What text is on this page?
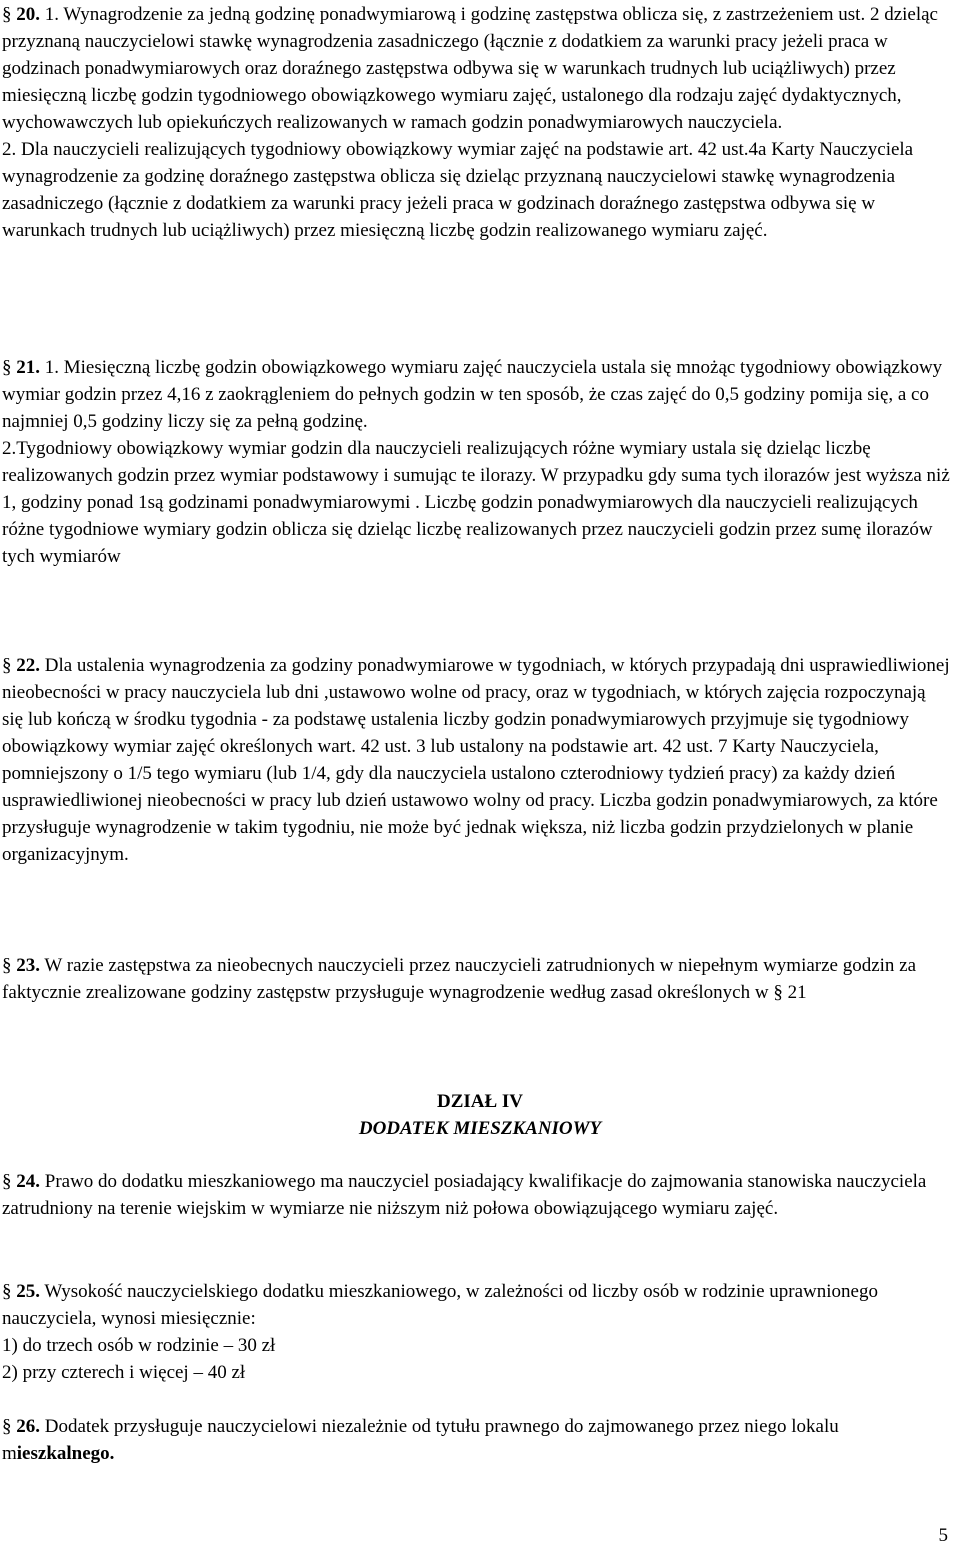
§ 20. 1. Wynagrodzenie za jedną godzinę ponadwymiarową i godzinę zastępstwa oblicza się, z zastrzeżeniem ust. 2 dzieląc przyznaną nauczycielowi stawkę wynagrodzenia zasadniczego (łącznie z dodatkiem za warunki pracy jeżeli praca w godzinach ponadwymiarowych oraz doraźnego zastępstwa odbywa się w warunkach trudnych lub uciążliwych) przez miesięczną liczbę godzin tygodniowego obowiązkowego wymiaru zajęć, ustalonego dla rodzaju zajęć dydaktycznych, wychowawczych lub opiekuńczych realizowanych w ramach godzin ponadwymiarowych nauczyciela.

2. Dla nauczycieli realizujących tygodniowy obowiązkowy wymiar zajęć na podstawie art. 42 ust.4a Karty Nauczyciela wynagrodzenie za godzinę doraźnego zastępstwa oblicza się dzieląc przyznaną nauczycielowi stawkę wynagrodzenia zasadniczego (łącznie z dodatkiem za warunki pracy jeżeli praca w godzinach doraźnego zastępstwa odbywa się w warunkach trudnych lub uciążliwych) przez miesięczną liczbę godzin realizowanego wymiaru zajęć.

§ 21. 1. Miesięczną liczbę godzin obowiązkowego wymiaru zajęć nauczyciela ustala się mnożąc tygodniowy obowiązkowy wymiar godzin przez 4,16 z zaokrągleniem do pełnych godzin w ten sposób, że czas zajęć do 0,5 godziny pomija się, a co najmniej 0,5 godziny liczy się za pełną godzinę.

2.Tygodniowy obowiązkowy wymiar godzin dla nauczycieli realizujących różne wymiary ustala się dzieląc liczbę realizowanych godzin przez wymiar podstawowy i sumując te ilorazy. W przypadku gdy suma tych ilorazów jest wyższa niż 1, godziny ponad 1są godzinami ponadwymiarowymi . Liczbę godzin ponadwymiarowych dla nauczycieli realizujących różne tygodniowe wymiary godzin oblicza się dzieląc liczbę realizowanych przez nauczycieli godzin przez sumę ilorazów tych wymiarów

§ 22. Dla ustalenia wynagrodzenia za godziny ponadwymiarowe w tygodniach, w których przypadają dni usprawiedliwionej nieobecności w pracy nauczyciela lub dni ,ustawowo wolne od pracy, oraz w tygodniach, w których zajęcia rozpoczynają się lub kończą w środku tygodnia - za podstawę ustalenia liczby godzin ponadwymiarowych przyjmuje się tygodniowy obowiązkowy wymiar zajęć określonych wart. 42 ust. 3 lub ustalony na podstawie art. 42 ust. 7 Karty Nauczyciela, pomniejszony o 1/5 tego wymiaru (lub 1/4, gdy dla nauczyciela ustalono czterodniowy tydzień pracy) za każdy dzień usprawiedliwionej nieobecności w pracy lub dzień ustawowo wolny od pracy. Liczba godzin ponadwymiarowych, za które przysługuje wynagrodzenie w takim tygodniu, nie może być jednak większa, niż liczba godzin przydzielonych w planie organizacyjnym.

§ 23. W razie zastępstwa za nieobecnych nauczycieli przez nauczycieli zatrudnionych w niepełnym wymiarze godzin za faktycznie zrealizowane godziny zastępstw przysługuje wynagrodzenie według zasad określonych w § 21

DZIAŁ IV
DODATEK MIESZKANIOWY

§ 24. Prawo do dodatku mieszkaniowego ma nauczyciel posiadający kwalifikacje do zajmowania stanowiska nauczyciela zatrudniony na terenie wiejskim w wymiarze nie niższym niż połowa obowiązującego wymiaru zajęć.

§ 25. Wysokość nauczycielskiego dodatku mieszkaniowego, w zależności od liczby osób w rodzinie uprawnionego nauczyciela, wynosi miesięcznie:

1) do trzech osób w rodzinie – 30 zł

2) przy czterech i więcej – 40 zł

§ 26. Dodatek przysługuje nauczycielowi niezależnie od tytułu prawnego do zajmowanego przez niego lokalu mieszkalnego.

5
